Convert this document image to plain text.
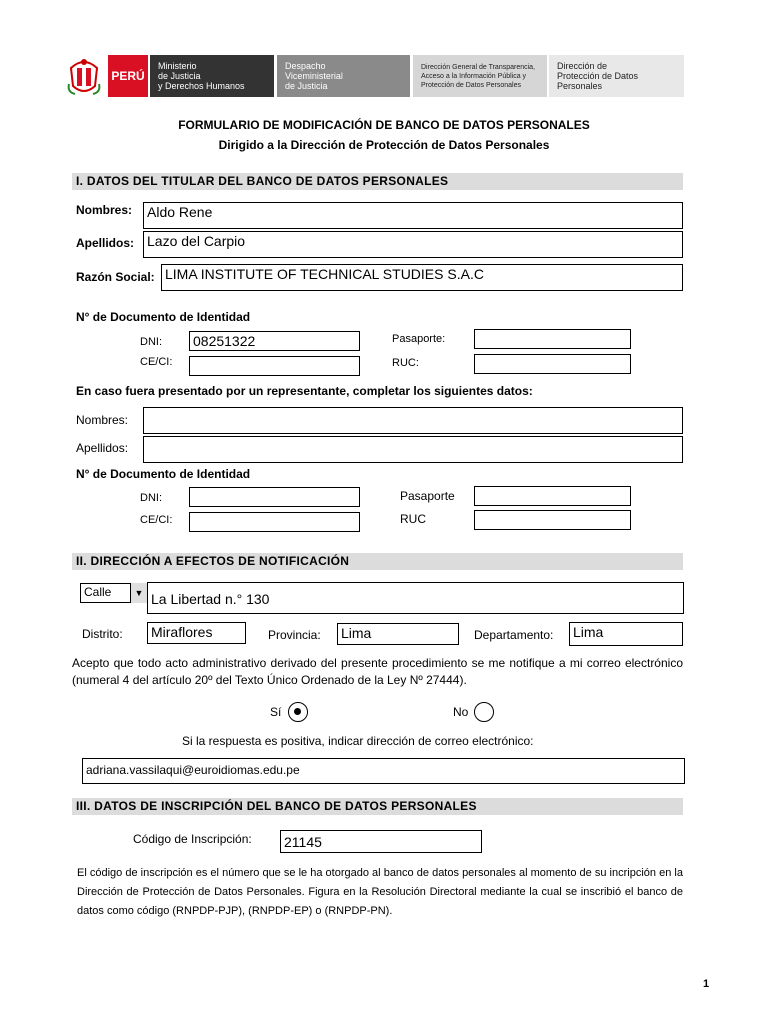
PERÚ
Ministerio
de Justicia
y Derechos Humanos
Despacho
Viceministerial
de Justicia
Dirección General de Transparencia,
Acceso a la Información Pública y
Protección de Datos Personales
Dirección de
Protección de Datos
Personales
FORMULARIO DE MODIFICACIÓN DE BANCO DE DATOS PERSONALES
Dirigido a la Dirección de Protección de Datos Personales
I. DATOS DEL TITULAR DEL BANCO DE DATOS PERSONALES
Nombres: Aldo Rene
Apellidos: Lazo del Carpio
Razón Social: LIMA INSTITUTE OF TECHNICAL STUDIES S.A.C
N° de Documento de Identidad
DNI: 08251322
CE/CI:
Pasaporte:
RUC:
En caso fuera presentado por un representante, completar los siguientes datos:
Nombres:
Apellidos:
N° de Documento de Identidad
DNI:
CE/CI:
Pasaporte
RUC
II. DIRECCIÓN A EFECTOS DE NOTIFICACIÓN
Calle	▼ La Libertad n.° 130
Distrito: Miraflores	Provincia: Lima	Departamento: Lima
Acepto que todo acto administrativo derivado del presente procedimiento se me notifique a mi correo electrónico (numeral 4 del artículo 20º del Texto Único Ordenado de la Ley Nº 27444).
Sí	No
Si la respuesta es positiva, indicar dirección de correo electrónico:
adriana.vassilaqui@euroidiomas.edu.pe
III. DATOS DE INSCRIPCIÓN DEL BANCO DE DATOS PERSONALES
Código de Inscripción: 21145
El código de inscripción es el número que se le ha otorgado al banco de datos personales al momento de su incripción en la Dirección de Protección de Datos Personales. Figura en la Resolución Directoral mediante la cual se inscribió el banco de datos como código (RNPDP-PJP), (RNPDP-EP) o (RNPDP-PN).
1
